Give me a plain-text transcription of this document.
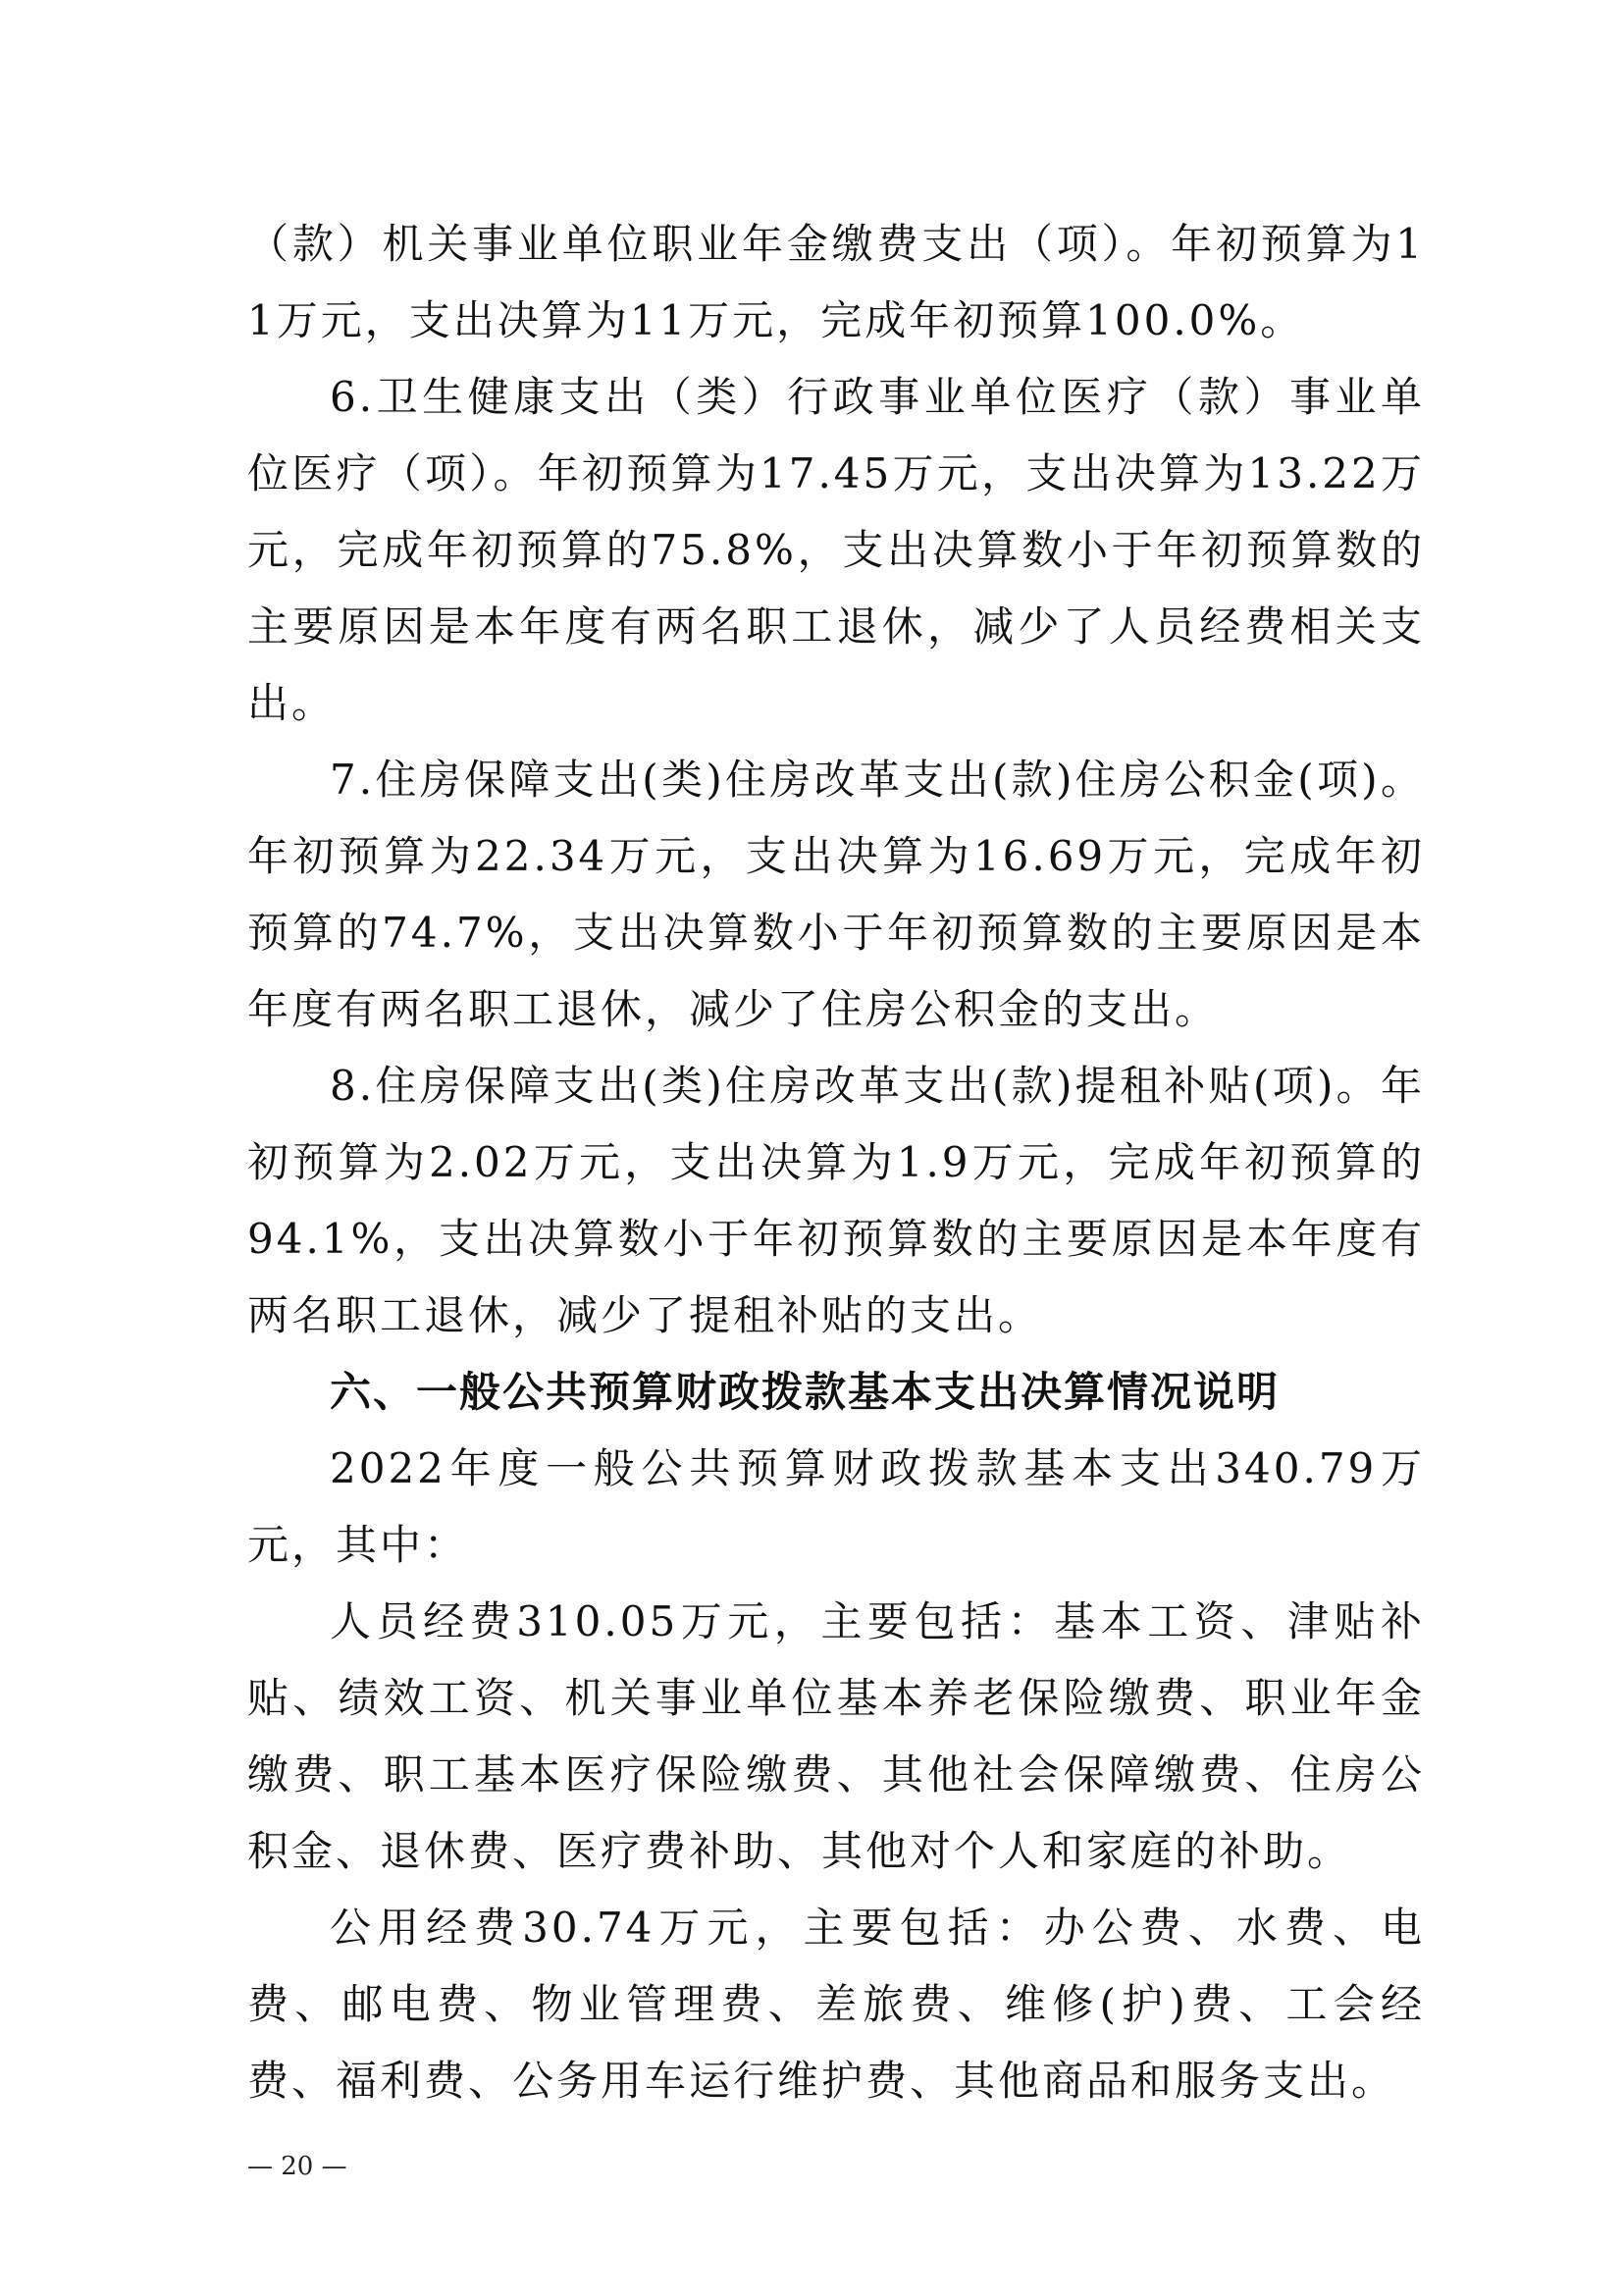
（款）机关事业单位职业年金缴费支出（项）。年初预算为11万元，支出决算为11万元，完成年初预算100.0%。

6.卫生健康支出（类）行政事业单位医疗（款）事业单位医疗（项）。年初预算为17.45万元，支出决算为13.22万元，完成年初预算的75.8%，支出决算数小于年初预算数的主要原因是本年度有两名职工退休，减少了人员经费相关支出。

7.住房保障支出(类)住房改革支出(款)住房公积金(项)。年初预算为22.34万元，支出决算为16.69万元，完成年初预算的74.7%，支出决算数小于年初预算数的主要原因是本年度有两名职工退休，减少了住房公积金的支出。

8.住房保障支出(类)住房改革支出(款)提租补贴(项)。年初预算为2.02万元，支出决算为1.9万元，完成年初预算的94.1%，支出决算数小于年初预算数的主要原因是本年度有两名职工退休，减少了提租补贴的支出。

六、一般公共预算财政拨款基本支出决算情况说明

2022年度一般公共预算财政拨款基本支出340.79万元，其中：

人员经费310.05万元，主要包括：基本工资、津贴补贴、绩效工资、机关事业单位基本养老保险缴费、职业年金缴费、职工基本医疗保险缴费、其他社会保障缴费、住房公积金、退休费、医疗费补助、其他对个人和家庭的补助。

公用经费30.74万元，主要包括：办公费、水费、电费、邮电费、物业管理费、差旅费、维修(护)费、工会经费、福利费、公务用车运行维护费、其他商品和服务支出。

— 20 —
